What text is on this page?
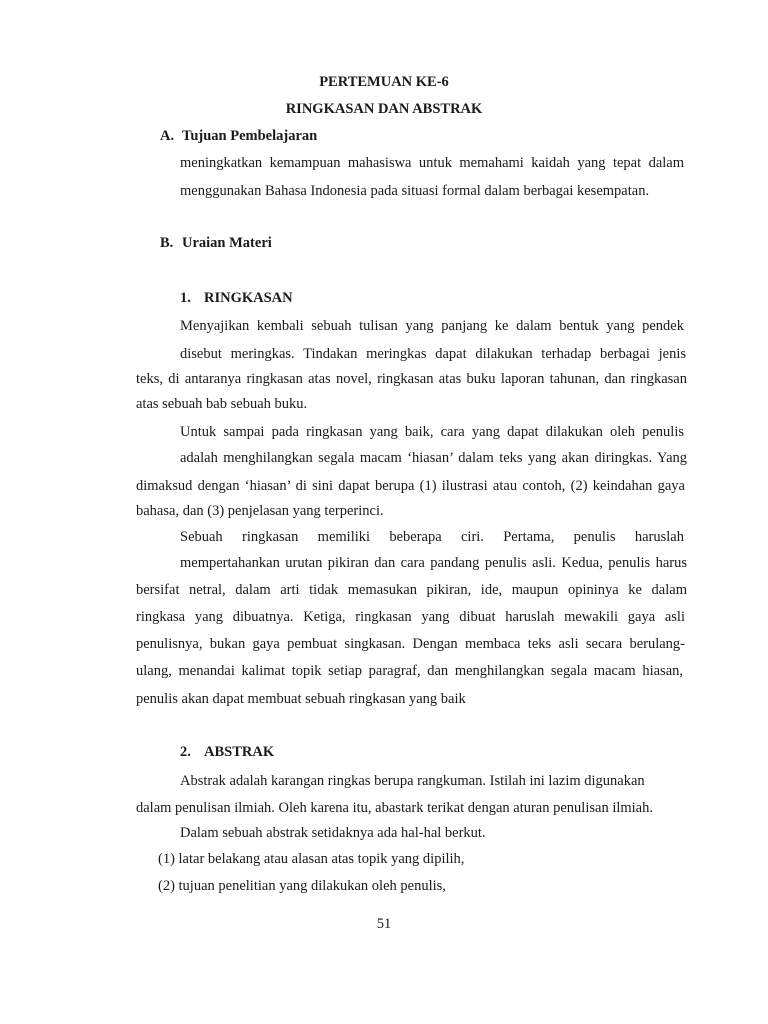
PERTEMUAN KE-6
RINGKASAN DAN ABSTRAK
A. Tujuan Pembelajaran
meningkatkan kemampuan mahasiswa untuk memahami kaidah yang tepat dalam
menggunakan Bahasa Indonesia pada situasi formal dalam berbagai kesempatan.
B. Uraian Materi
1. RINGKASAN
Menyajikan kembali sebuah tulisan yang panjang ke dalam bentuk yang pendek
disebut meringkas. Tindakan meringkas dapat dilakukan terhadap berbagai jenis
teks, di antaranya ringkasan atas novel, ringkasan atas buku laporan tahunan, dan ringkasan
atas sebuah bab sebuah buku.
Untuk sampai pada ringkasan yang baik, cara yang dapat dilakukan oleh penulis
adalah menghilangkan segala macam ‘hiasan’ dalam teks yang akan diringkas. Yang
dimaksud dengan ‘hiasan’ di sini dapat berupa (1) ilustrasi atau contoh, (2) keindahan gaya
bahasa, dan (3) penjelasan yang terperinci.
Sebuah ringkasan memiliki beberapa ciri. Pertama, penulis haruslah
mempertahankan urutan pikiran dan cara pandang penulis asli. Kedua, penulis harus
bersifat netral, dalam arti tidak memasukan pikiran, ide, maupun opininya ke dalam
ringkasa yang dibuatnya. Ketiga, ringkasan yang dibuat haruslah mewakili gaya asli
penulisnya, bukan gaya pembuat singkasan. Dengan membaca teks asli secara berulang-
ulang, menandai kalimat topik setiap paragraf, dan menghilangkan segala macam hiasan,
penulis akan dapat membuat sebuah ringkasan yang baik
2. ABSTRAK
Abstrak adalah karangan ringkas berupa rangkuman. Istilah ini lazim digunakan
dalam penulisan ilmiah. Oleh karena itu, abastark terikat dengan aturan penulisan ilmiah.
Dalam sebuah abstrak setidaknya ada hal-hal berkut.
(1) latar belakang atau alasan atas topik yang dipilih,
(2) tujuan penelitian yang dilakukan oleh penulis,
51
